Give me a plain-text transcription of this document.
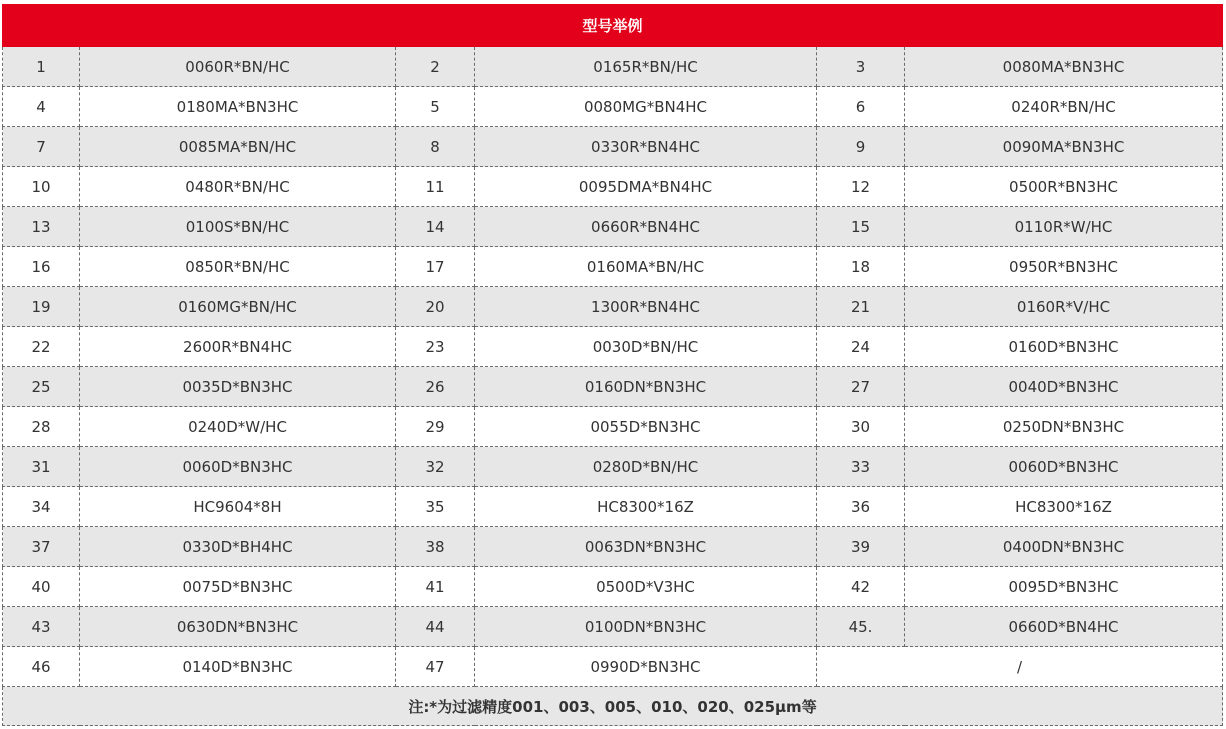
型号举例					
1	0060R*BN/HC	2	0165R*BN/HC	3	0080MA*BN3HC
4	0180MA*BN3HC	5	0080MG*BN4HC	6	0240R*BN/HC
7	0085MA*BN/HC	8	0330R*BN4HC	9	0090MA*BN3HC
10	0480R*BN/HC	11	0095DMA*BN4HC	12	0500R*BN3HC
13	0100S*BN/HC	14	0660R*BN4HC	15	0110R*W/HC
16	0850R*BN/HC	17	0160MA*BN/HC	18	0950R*BN3HC
19	0160MG*BN/HC	20	1300R*BN4HC	21	0160R*V/HC
22	2600R*BN4HC	23	0030D*BN/HC	24	0160D*BN3HC
25	0035D*BN3HC	26	0160DN*BN3HC	27	0040D*BN3HC
28	0240D*W/HC	29	0055D*BN3HC	30	0250DN*BN3HC
31	0060D*BN3HC	32	0280D*BN/HC	33	0060D*BN3HC
34	HC9604*8H	35	HC8300*16Z	36	HC8300*16Z
37	0330D*BH4HC	38	0063DN*BN3HC	39	0400DN*BN3HC
40	0075D*BN3HC	41	0500D*V3HC	42	0095D*BN3HC
43	0630DN*BN3HC	44	0100DN*BN3HC	45.	0660D*BN4HC
46	0140D*BN3HC	47	0990D*BN3HC	/	
注:*为过滤精度001、003、005、010、020、025μm等					
